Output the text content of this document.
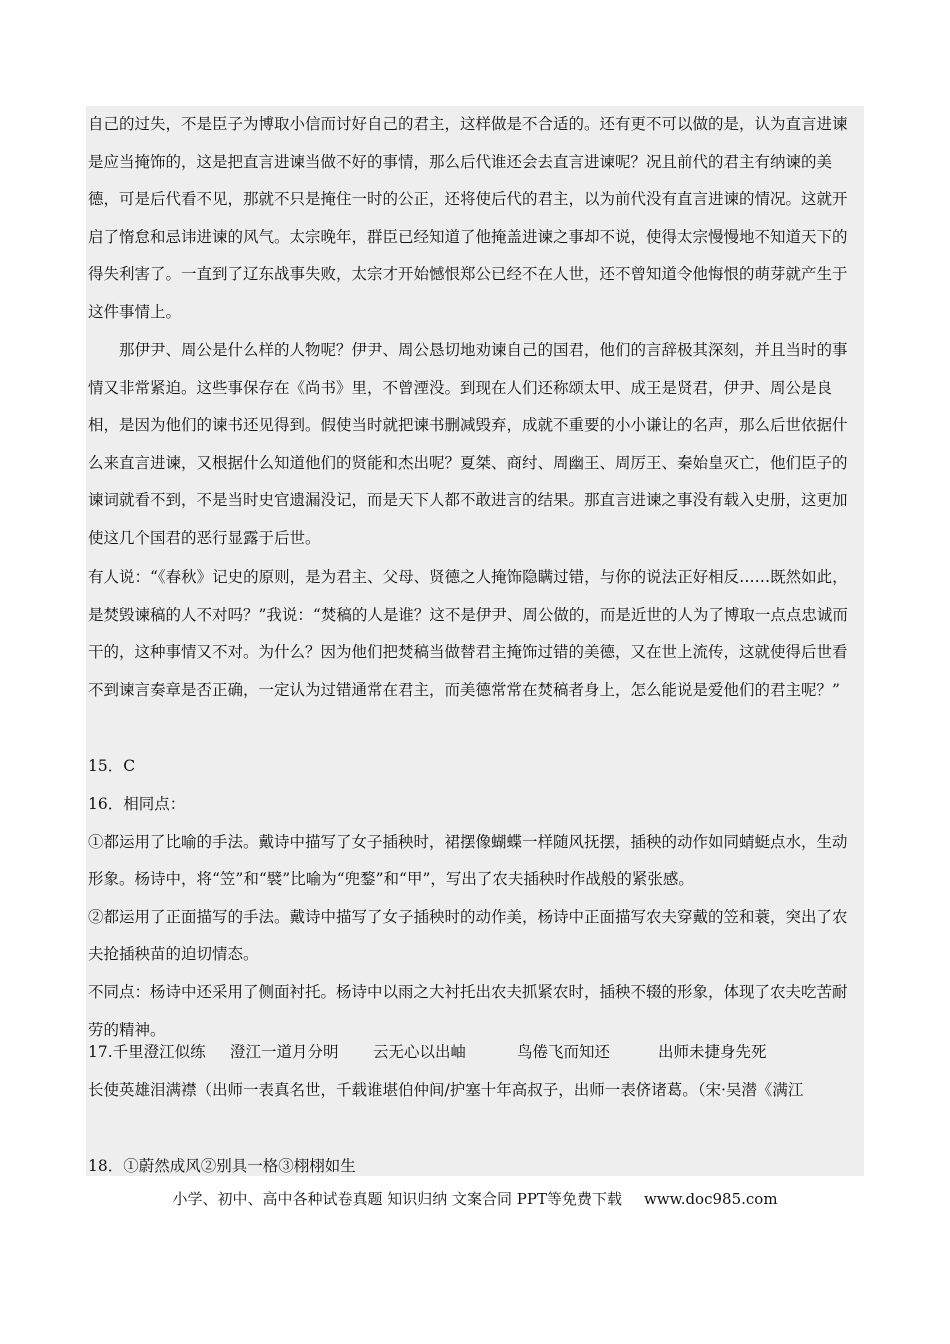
自己的过失，不是臣子为博取小信而讨好自己的君主，这样做是不合适的。还有更不可以做的是，认为直言进谏是应当掩饰的，这是把直言进谏当做不好的事情，那么后代谁还会去直言进谏呢？况且前代的君主有纳谏的美德，可是后代看不见，那就不只是掩住一时的公正，还将使后代的君主，以为前代没有直言进谏的情况。这就开启了惰怠和忌讳进谏的风气。太宗晚年，群臣已经知道了他掩盖进谏之事却不说，使得太宗慢慢地不知道天下的得失利害了。一直到了辽东战事失败，太宗才开始憾恨郑公已经不在人世，还不曾知道令他悔恨的萌芽就产生于这件事情上。

那伊尹、周公是什么样的人物呢？伊尹、周公恳切地劝谏自己的国君，他们的言辞极其深刻，并且当时的事情又非常紧迫。这些事保存在《尚书》里，不曾湮没。到现在人们还称颂太甲、成王是贤君，伊尹、周公是良相，是因为他们的谏书还见得到。假使当时就把谏书删减毁弃，成就不重要的小小谦让的名声，那么后世依据什么来直言进谏，又根据什么知道他们的贤能和杰出呢？夏桀、商纣、周幽王、周厉王、秦始皇灭亡，他们臣子的谏词就看不到，不是当时史官遗漏没记，而是天下人都不敢进言的结果。那直言进谏之事没有载入史册，这更加使这几个国君的恶行显露于后世。

有人说：“《春秋》记史的原则，是为君主、父母、贤德之人掩饰隐瞒过错，与你的说法正好相反……既然如此，是焚毁谏稿的人不对吗？”我说：“焚稿的人是谁？这不是伊尹、周公做的，而是近世的人为了博取一点点忠诚而干的，这种事情又不对。为什么？因为他们把焚稿当做替君主掩饰过错的美德，又在世上流传，这就使得后世看不到谏言奏章是否正确，一定认为过错通常在君主，而美德常常在焚稿者身上，怎么能说是爱他们的君主呢？”

15．C

16．相同点：

①都运用了比喻的手法。戴诗中描写了女子插秧时，裙摆像蝴蝶一样随风抚摆，插秧的动作如同蜻蜓点水，生动形象。杨诗中，将“笠”和“襞”比喻为“兜鍪”和“甲”，写出了农夫插秧时作战般的紧张感。

②都运用了正面描写的手法。戴诗中描写了女子插秧时的动作美，杨诗中正面描写农夫穿戴的笠和蓑，突出了农夫抢插秧苗的迫切情态。

不同点：杨诗中还采用了侧面衬托。杨诗中以雨之大衬托出农夫抓紧农时，插秧不辍的形象，体现了农夫吃苦耐劳的精神。

17.千里澄江似练 澄江一道月分明 云无心以出岫	鸟倦飞而知还	出师未捷身先死

长使英雄泪满襟（出师一表真名世，千载谁堪伯仲间/护塞十年高叔子，出师一表侪诸葛。（宋·吴潜《满江

18．①蔚然成风②别具一格③栩栩如生
小学、初中、高中各种试卷真题 知识归纳 文案合同 PPT等免费下载 www.doc985.com
